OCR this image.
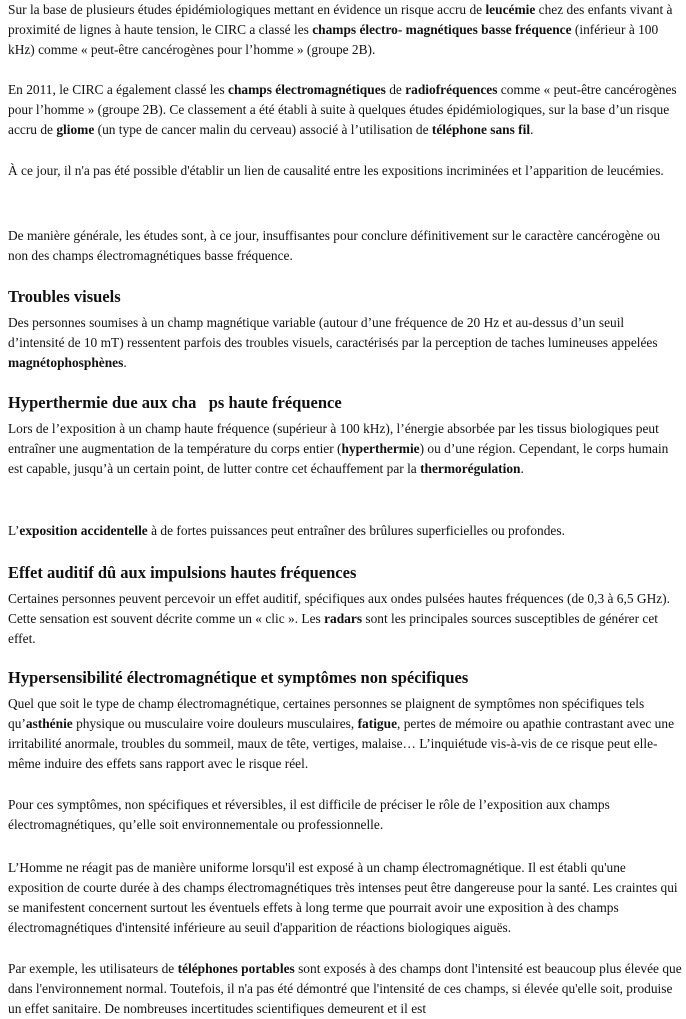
Sur la base de plusieurs études épidémiologiques mettant en évidence un risque accru de leucémie chez des enfants vivant à proximité de lignes à haute tension, le CIRC a classé les champs électro- magnétiques basse fréquence (inférieur à 100 kHz) comme « peut-être cancérogènes pour l’homme » (groupe 2B).

En 2011, le CIRC a également classé les champs électromagnétiques de radiofréquences comme « peut-être cancérogènes pour l’homme » (groupe 2B). Ce classement a été établi à suite à quelques études épidémiologiques, sur la base d’un risque accru de gliome (un type de cancer malin du cerveau) associé à l’utilisation de téléphone sans fil.

À ce jour, il n'a pas été possible d'établir un lien de causalité entre les expositions incriminées et l’apparition de leucémies.

De manière générale, les études sont, à ce jour, insuffisantes pour conclure définitivement sur le caractère cancérogène ou non des champs électromagnétiques basse fréquence.

Troubles visuels

Des personnes soumises à un champ magnétique variable (autour d’une fréquence de 20 Hz et au-dessus d’un seuil d’intensité de 10 mT) ressentent parfois des troubles visuels, caractérisés par la perception de taches lumineuses appelées magnétophosphènes.

Hyperthermie due aux cha   ps haute fréquence

Lors de l’exposition à un champ haute fréquence (supérieur à 100 kHz), l’énergie absorbée par les tissus biologiques peut entraîner une augmentation de la température du corps entier (hyperthermie) ou d’une région. Cependant, le corps humain est capable, jusqu’à un certain point, de lutter contre cet échauffement par la thermorégulation.

L’exposition accidentelle à de fortes puissances peut entraîner des brûlures superficielles ou profondes.

Effet auditif dû aux impulsions hautes fréquences

Certaines personnes peuvent percevoir un effet auditif, spécifiques aux ondes pulsées hautes fréquences (de 0,3 à 6,5 GHz). Cette sensation est souvent décrite comme un « clic ». Les radars sont les principales sources susceptibles de générer cet effet.

Hypersensibilité électromagnétique et symptômes non spécifiques

Quel que soit le type de champ électromagnétique, certaines personnes se plaignent de symptômes non spécifiques tels qu’asthénie physique ou musculaire voire douleurs musculaires, fatigue, pertes de mémoire ou apathie contrastant avec une irritabilité anormale, troubles du sommeil, maux de tête, vertiges, malaise… L’inquiétude vis-à-vis de ce risque peut elle-même induire des effets sans rapport avec le risque réel.

Pour ces symptômes, non spécifiques et réversibles, il est difficile de préciser le rôle de l’exposition aux champs électromagnétiques, qu’elle soit environnementale ou professionnelle.

L’Homme ne réagit pas de manière uniforme lorsqu'il est exposé à un champ électromagnétique. Il est établi qu'une exposition de courte durée à des champs électromagnétiques très intenses peut être dangereuse pour la santé. Les craintes qui se manifestent concernent surtout les éventuels effets à long terme que pourrait avoir une exposition à des champs électromagnétiques d'intensité inférieure au seuil d'apparition de réactions biologiques aiguës.

Par exemple, les utilisateurs de téléphones portables sont exposés à des champs dont l'intensité est beaucoup plus élevée que dans l'environnement normal. Toutefois, il n'a pas été démontré que l'intensité de ces champs, si élevée qu'elle soit, produise un effet sanitaire. De nombreuses incertitudes scientifiques demeurent et il est
